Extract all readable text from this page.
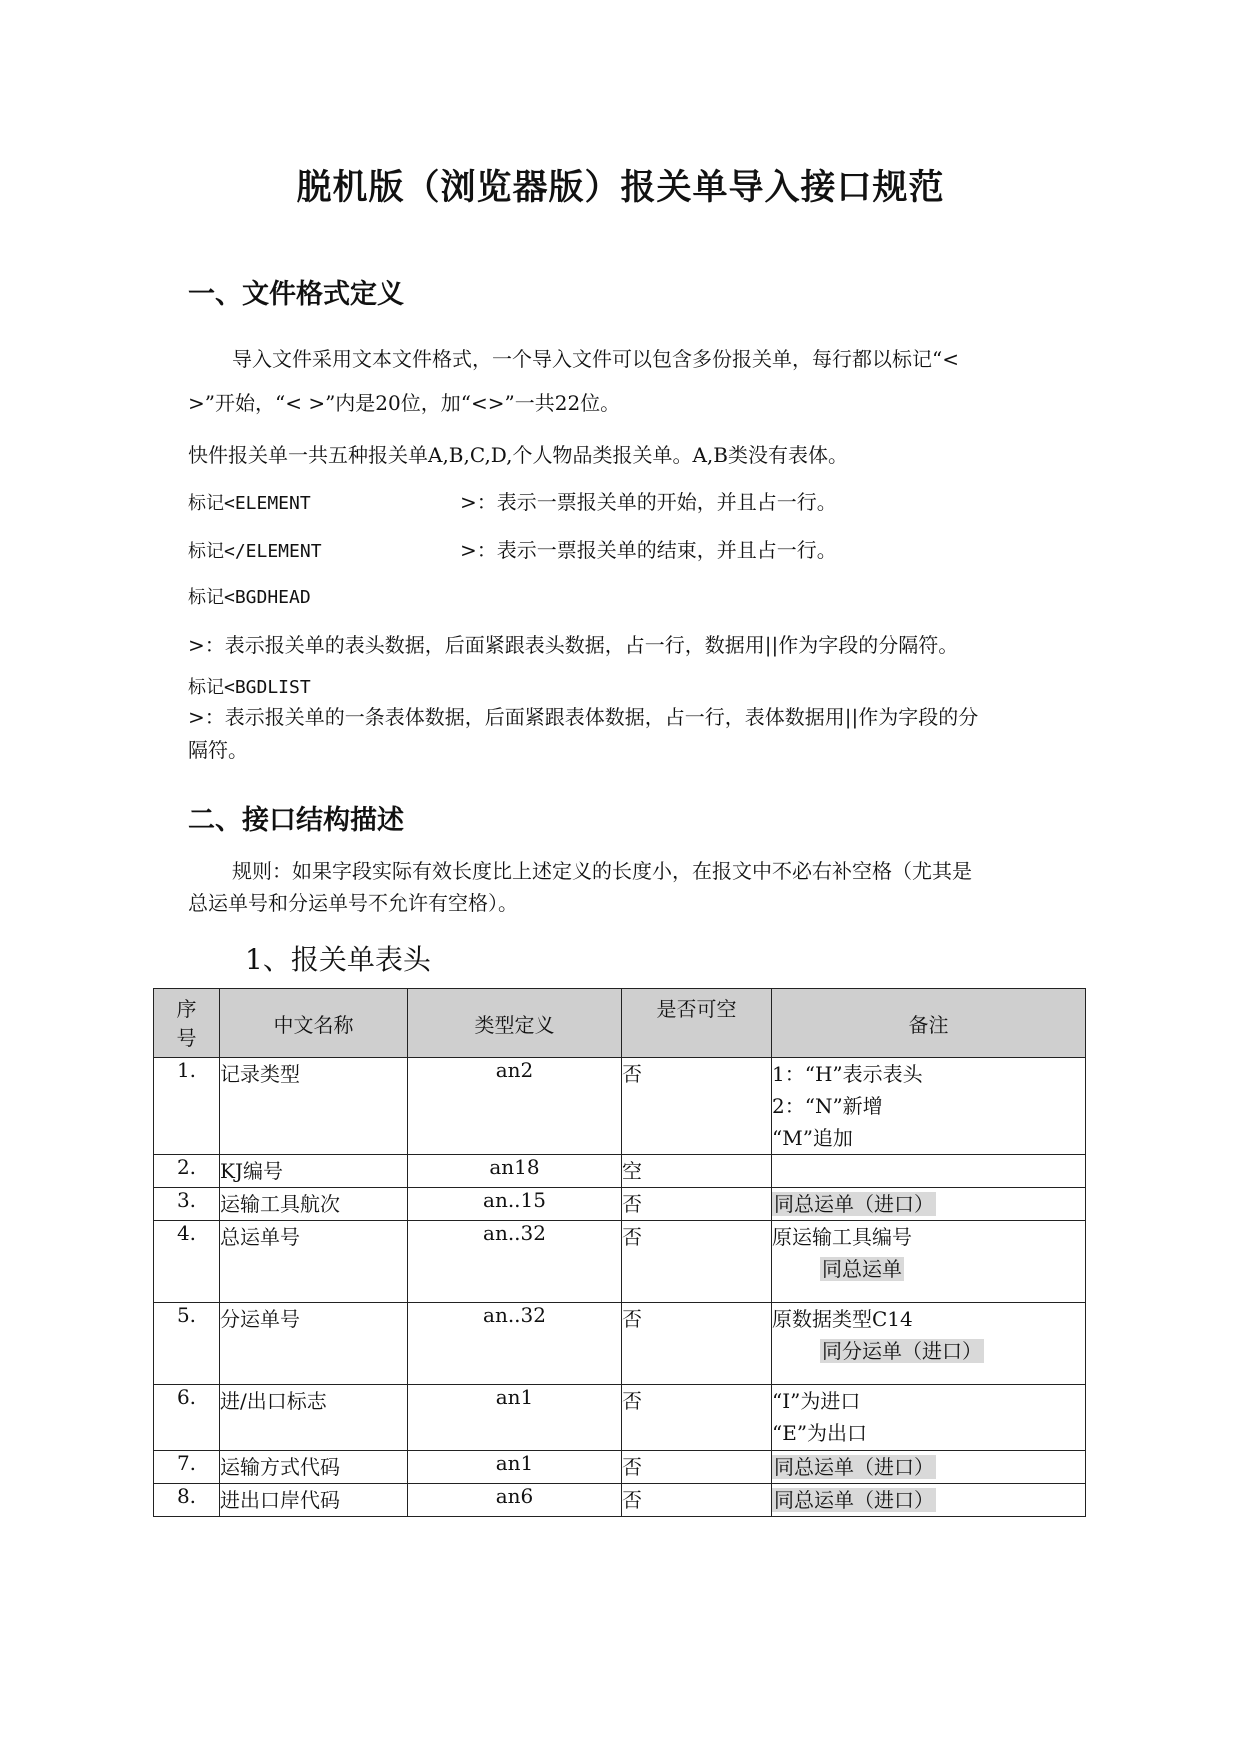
脱机版（浏览器版）报关单导入接口规范
一、文件格式定义
导入文件采用文本文件格式，一个导入文件可以包含多份报关单，每行都以标记“<
>”开始，“< >”内是20位，加“<>”一共22位。
快件报关单一共五种报关单A,B,C,D,个人物品类报关单。A,B类没有表体。
标记<ELEMENT	>：表示一票报关单的开始，并且占一行。
标记</ELEMENT	>：表示一票报关单的结束，并且占一行。
标记<BGDHEAD
>：表示报关单的表头数据，后面紧跟表头数据，占一行，数据用||作为字段的分隔符。
标记<BGDLIST
>：表示报关单的一条表体数据，后面紧跟表体数据，占一行，表体数据用||作为字段的分
隔符。
二、接口结构描述
规则：如果字段实际有效长度比上述定义的长度小，在报文中不必右补空格（尤其是
总运单号和分运单号不允许有空格）。
1、报关单表头
序
号	中文名称	类型定义	是否可空	备注
1.	记录类型	an2	否	1：“H”表示表头
2：“N”新增
“M”追加

2.	KJ编号	an18	空	
3.	运输工具航次	an..15	否	同总运单（进口）
4.	总运单号	an..32	否	原运输工具编号
同总运单

5.	分运单号	an..32	否	原数据类型C14
同分运单（进口）

6.	进/出口标志	an1	否	“I”为进口
“E”为出口

7.	运输方式代码	an1	否	同总运单（进口）
8.	进出口岸代码	an6	否	同总运单（进口）
